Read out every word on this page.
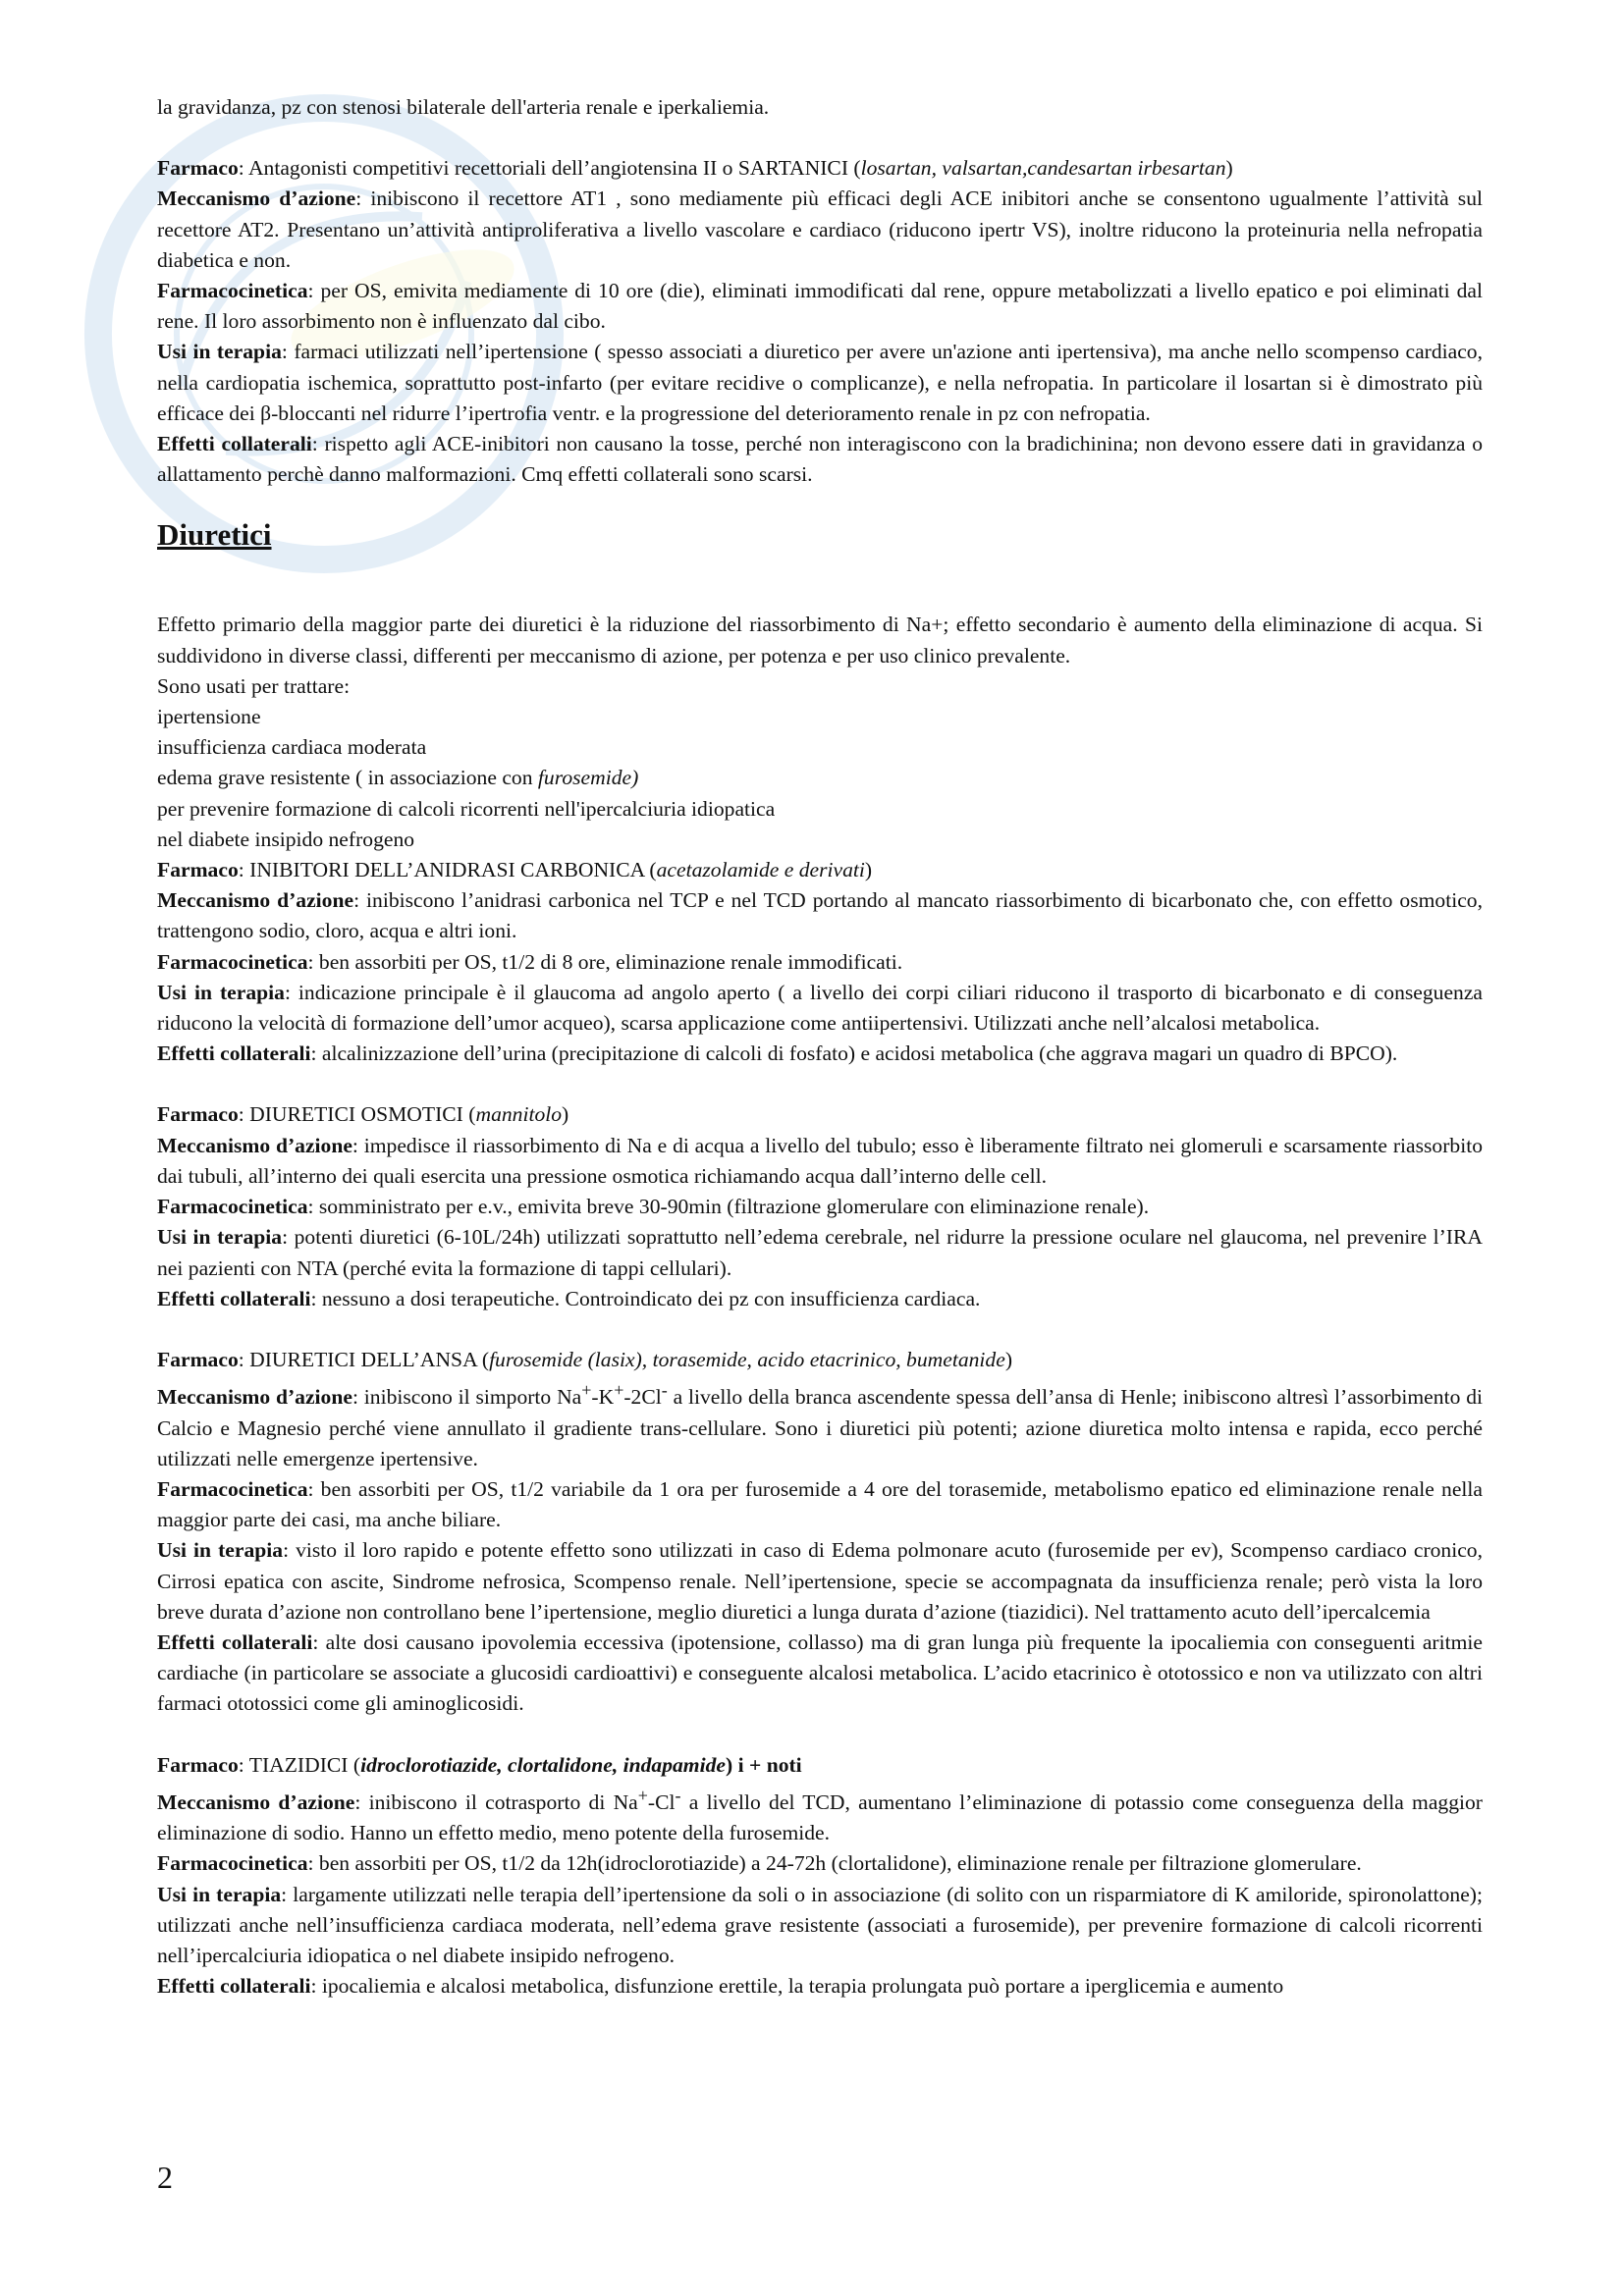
la gravidanza, pz con stenosi bilaterale dell'arteria renale e iperkaliemia.

Farmaco: Antagonisti competitivi recettoriali dell’angiotensina II o SARTANICI (losartan, valsartan,candesartan irbesartan)

Meccanismo d’azione: inibiscono il recettore AT1 , sono mediamente più efficaci degli ACE inibitori anche se consentono ugualmente l’attività sul recettore AT2. Presentano un’attività antiproliferativa a livello vascolare e cardiaco (riducono ipertr VS), inoltre riducono la proteinuria nella nefropatia diabetica e non.

Farmacocinetica: per OS, emivita mediamente di 10 ore (die), eliminati immodificati dal rene, oppure metabolizzati a livello epatico e poi eliminati dal rene. Il loro assorbimento non è influenzato dal cibo.

Usi in terapia: farmaci utilizzati nell’ipertensione ( spesso associati a diuretico per avere un'azione anti ipertensiva), ma anche nello scompenso cardiaco, nella cardiopatia ischemica, soprattutto post-infarto (per evitare recidive o complicanze), e nella nefropatia. In particolare il losartan si è dimostrato più efficace dei β-bloccanti nel ridurre l’ipertrofia ventr. e la progressione del deterioramento renale in pz con nefropatia.

Effetti collaterali: rispetto agli ACE-inibitori non causano la tosse, perché non interagiscono con la bradichinina; non devono essere dati in gravidanza o allattamento perchè danno malformazioni. Cmq effetti collaterali sono scarsi.

Diuretici

Effetto primario della maggior parte dei diuretici è la riduzione del riassorbimento di Na+; effetto secondario è aumento della eliminazione di acqua. Si suddividono in diverse classi, differenti per meccanismo di azione, per potenza e per uso clinico prevalente.

Sono usati per trattare:

ipertensione

insufficienza cardiaca moderata

edema grave resistente ( in associazione con furosemide)

per prevenire formazione di calcoli ricorrenti nell'ipercalciuria idiopatica

nel diabete insipido nefrogeno

Farmaco: INIBITORI DELL’ANIDRASI CARBONICA (acetazolamide e derivati)

Meccanismo d’azione: inibiscono l’anidrasi carbonica nel TCP e nel TCD portando al mancato riassorbimento di bicarbonato che, con effetto osmotico, trattengono sodio, cloro, acqua e altri ioni.

Farmacocinetica: ben assorbiti per OS, t1/2 di 8 ore, eliminazione renale immodificati.

Usi in terapia: indicazione principale è il glaucoma ad angolo aperto ( a livello dei corpi ciliari riducono il trasporto di bicarbonato e di conseguenza riducono la velocità di formazione dell’umor acqueo), scarsa applicazione come antiipertensivi. Utilizzati anche nell’alcalosi metabolica.

Effetti collaterali: alcalinizzazione dell’urina (precipitazione di calcoli di fosfato) e acidosi metabolica (che aggrava magari un quadro di BPCO).

Farmaco: DIURETICI OSMOTICI (mannitolo)

Meccanismo d’azione: impedisce il riassorbimento di Na e di acqua a livello del tubulo; esso è liberamente filtrato nei glomeruli e scarsamente riassorbito dai tubuli, all’interno dei quali esercita una pressione osmotica richiamando acqua dall’interno delle cell.

Farmacocinetica: somministrato per e.v., emivita breve 30-90min (filtrazione glomerulare con eliminazione renale).

Usi in terapia: potenti diuretici (6-10L/24h) utilizzati soprattutto nell’edema cerebrale, nel ridurre la pressione oculare nel glaucoma, nel prevenire l’IRA nei pazienti con NTA (perché evita la formazione di tappi cellulari).

Effetti collaterali: nessuno a dosi terapeutiche. Controindicato dei pz con insufficienza cardiaca.

Farmaco: DIURETICI DELL’ANSA (furosemide (lasix), torasemide, acido etacrinico, bumetanide)

Meccanismo d’azione: inibiscono il simporto Na+-K+-2Cl- a livello della branca ascendente spessa dell’ansa di Henle; inibiscono altresì l’assorbimento di Calcio e Magnesio perché viene annullato il gradiente trans-cellulare. Sono i diuretici più potenti; azione diuretica molto intensa e rapida, ecco perché utilizzati nelle emergenze ipertensive.

Farmacocinetica: ben assorbiti per OS, t1/2 variabile da 1 ora per furosemide a 4 ore del torasemide, metabolismo epatico ed eliminazione renale nella maggior parte dei casi, ma anche biliare.

Usi in terapia: visto il loro rapido e potente effetto sono utilizzati in caso di Edema polmonare acuto (furosemide per ev), Scompenso cardiaco cronico, Cirrosi epatica con ascite, Sindrome nefrosica, Scompenso renale. Nell’ipertensione, specie se accompagnata da insufficienza renale; però vista la loro breve durata d’azione non controllano bene l’ipertensione, meglio diuretici a lunga durata d’azione (tiazidici). Nel trattamento acuto dell’ipercalcemia

Effetti collaterali: alte dosi causano ipovolemia eccessiva (ipotensione, collasso) ma di gran lunga più frequente la ipocaliemia con conseguenti aritmie cardiache (in particolare se associate a glucosidi cardioattivi) e conseguente alcalosi metabolica. L’acido etacrinico è ototossico e non va utilizzato con altri farmaci ototossici come gli aminoglicosidi.

Farmaco: TIAZIDICI (idroclorotiazide, clortalidone, indapamide) i + noti

Meccanismo d’azione: inibiscono il cotrasporto di Na+-Cl- a livello del TCD, aumentano l’eliminazione di potassio come conseguenza della maggior eliminazione di sodio. Hanno un effetto medio, meno potente della furosemide.

Farmacocinetica: ben assorbiti per OS, t1/2 da 12h(idroclorotiazide) a 24-72h (clortalidone), eliminazione renale per filtrazione glomerulare.

Usi in terapia: largamente utilizzati nelle terapia dell’ipertensione da soli o in associazione (di solito con un risparmiatore di K amiloride, spironolattone); utilizzati anche nell’insufficienza cardiaca moderata, nell’edema grave resistente (associati a furosemide), per prevenire formazione di calcoli ricorrenti nell’ipercalciuria idiopatica o nel diabete insipido nefrogeno.

Effetti collaterali: ipocaliemia e alcalosi metabolica, disfunzione erettile, la terapia prolungata può portare a iperglicemia e aumento

2
